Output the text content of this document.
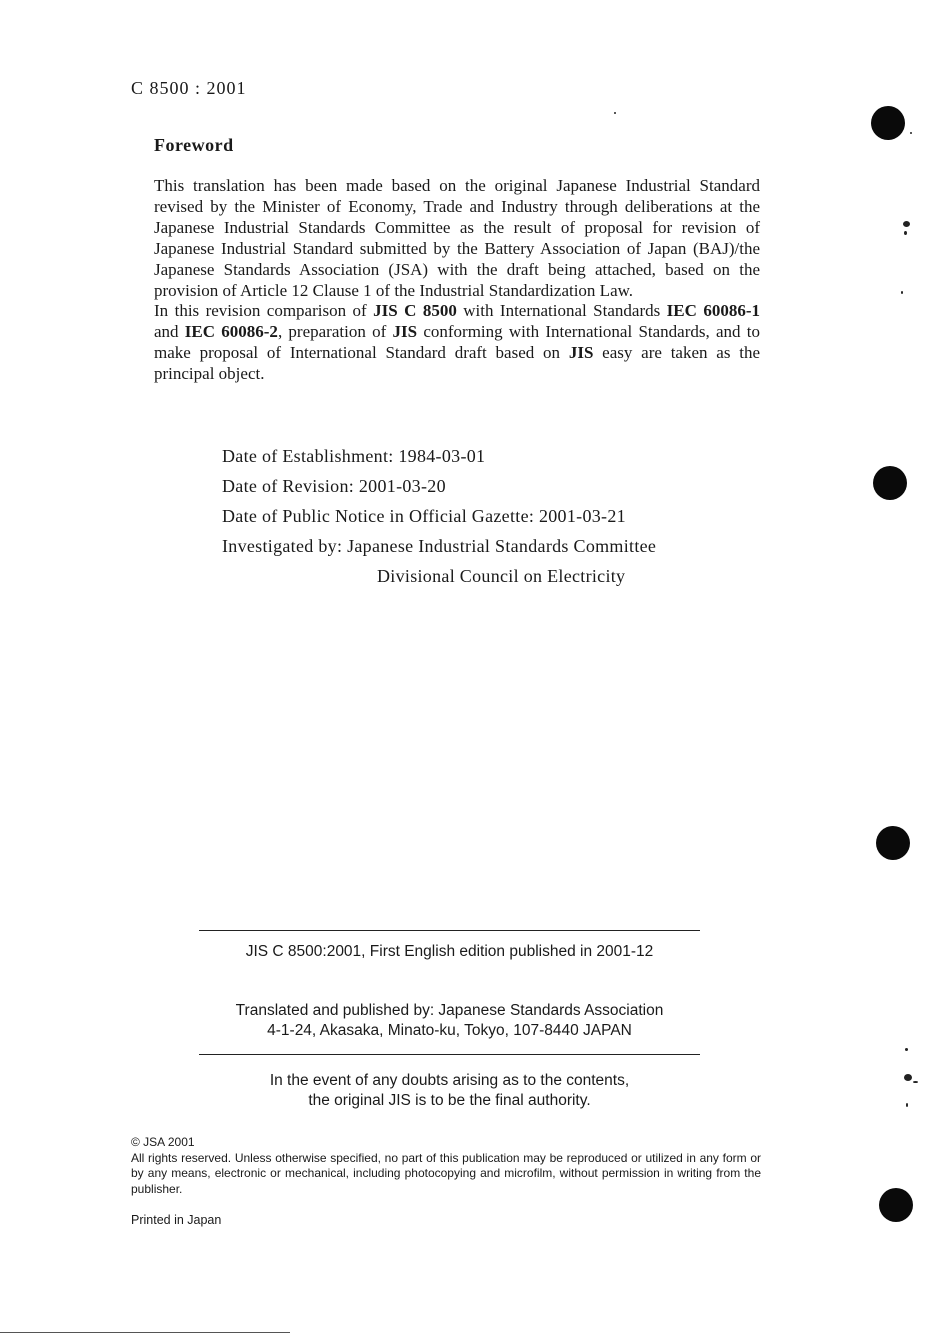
C 8500 : 2001
Foreword

This translation has been made based on the original Japanese Industrial Standard revised by the Minister of Economy, Trade and Industry through deliberations at the Japanese Industrial Standards Committee as the result of proposal for revision of Japanese Industrial Standard submitted by the Battery Association of Japan (BAJ)/the Japanese Standards Association (JSA) with the draft being attached, based on the provision of Article 12 Clause 1 of the Industrial Standardization Law.

In this revision comparison of JIS C 8500 with International Standards IEC 60086-1 and IEC 60086-2, preparation of JIS conforming with International Standards, and to make proposal of International Standard draft based on JIS easy are taken as the principal object.

Date of Establishment: 1984-03-01
Date of Revision: 2001-03-20
Date of Public Notice in Official Gazette: 2001-03-21
Investigated by: Japanese Industrial Standards Committee
Divisional Council on Electricity
JIS C 8500:2001, First English edition published in 2001-12
Translated and published by: Japanese Standards Association
4-1-24, Akasaka, Minato-ku, Tokyo, 107-8440 JAPAN
In the event of any doubts arising as to the contents,
the original JIS is to be the final authority.
© JSA 2001
All rights reserved. Unless otherwise specified, no part of this publication may be reproduced or utilized in any form or by any means, electronic or mechanical, including photocopying and microfilm, without permission in writing from the publisher.
Printed in Japan
